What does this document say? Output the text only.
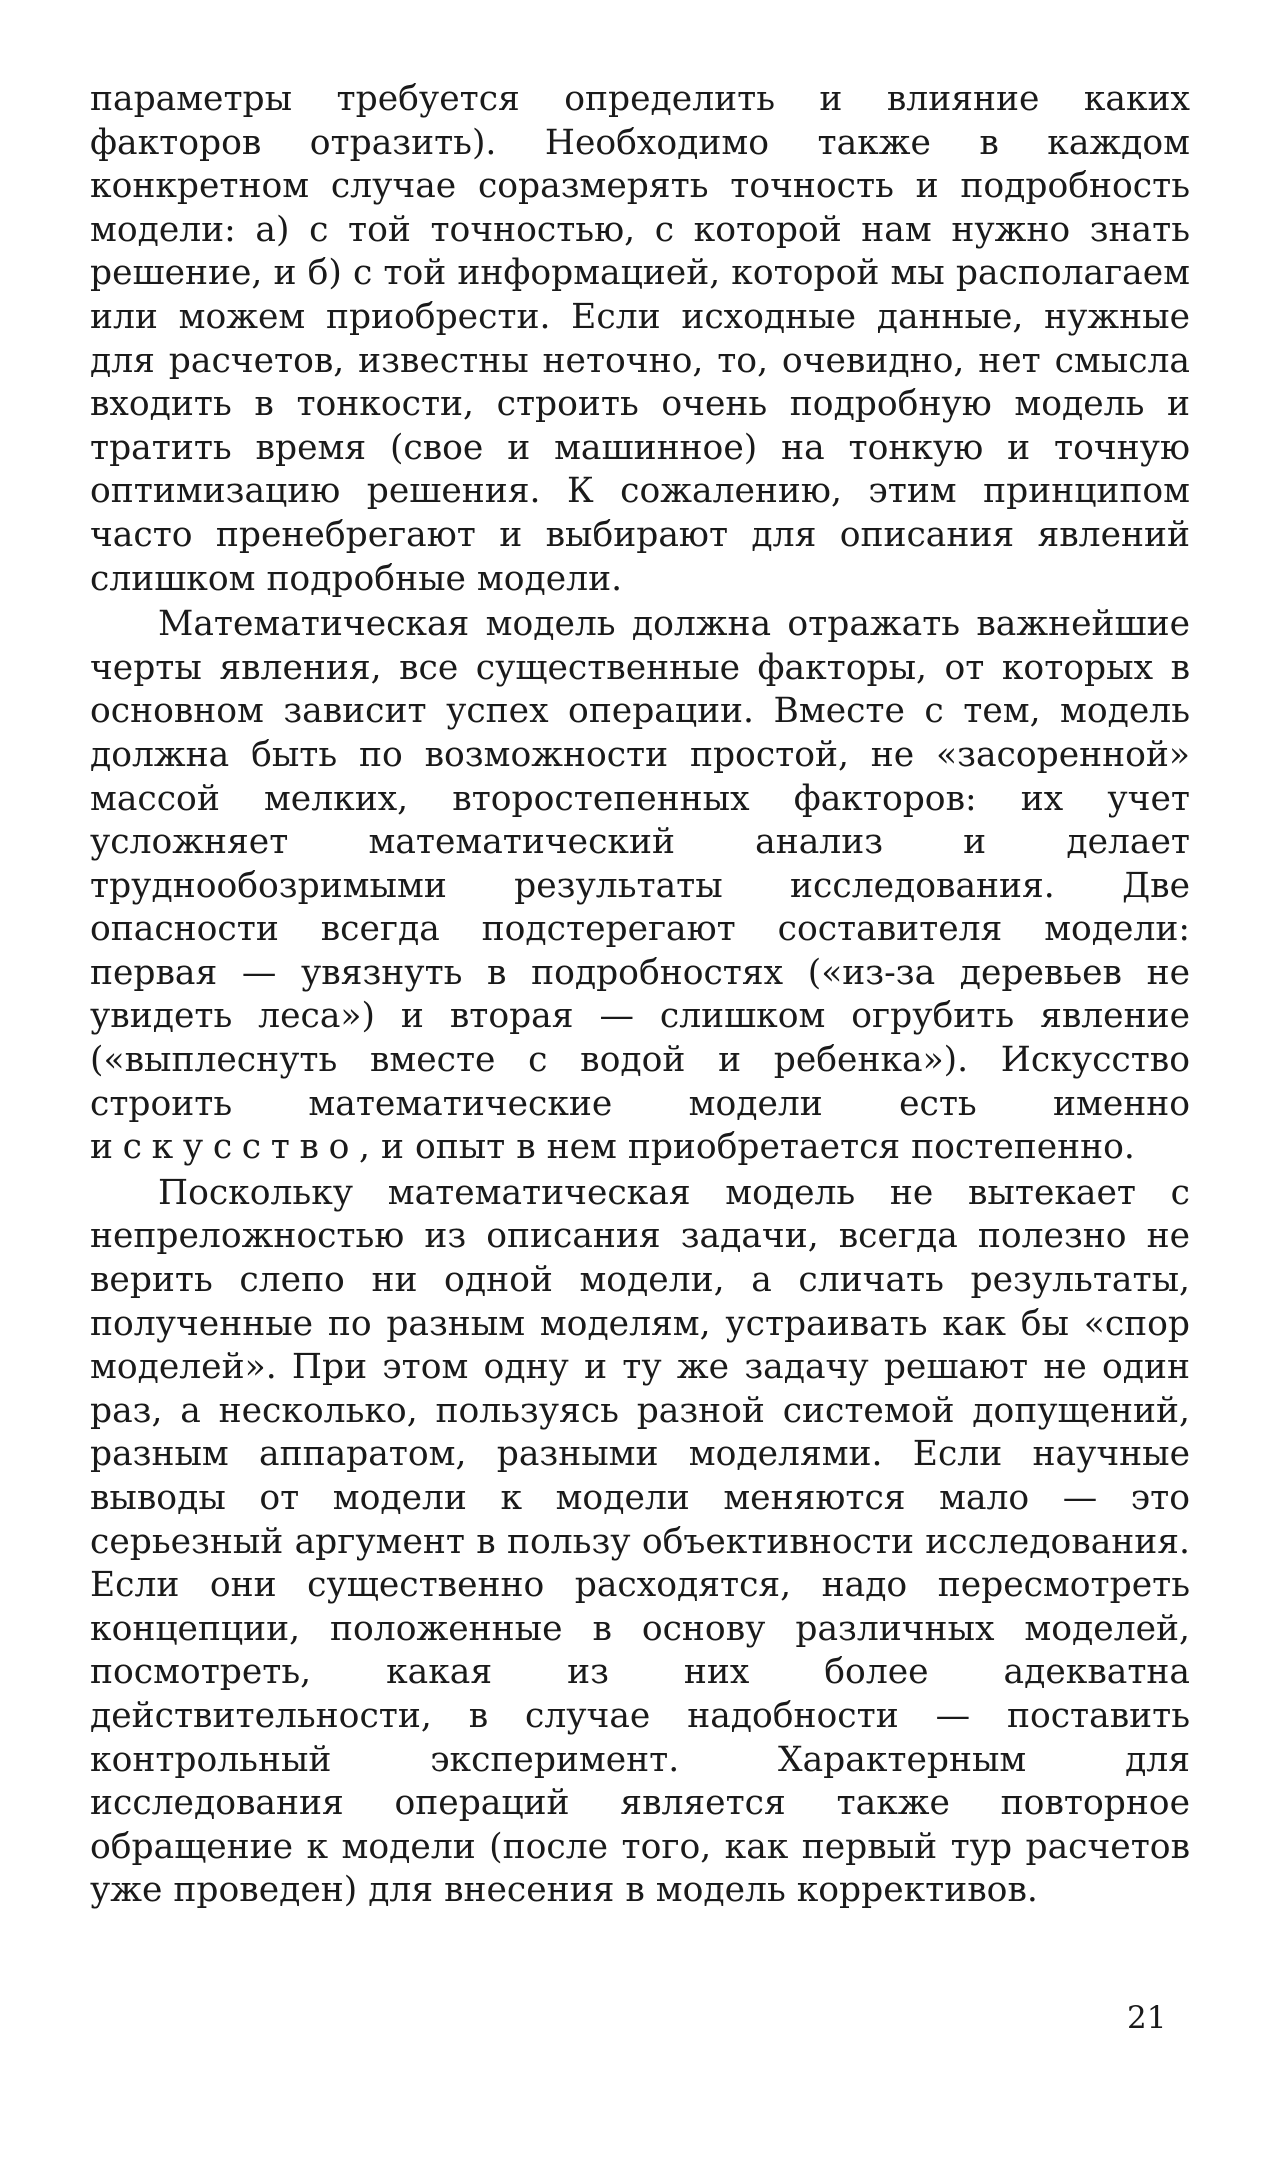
параметры требуется определить и влияние каких факторов отразить). Необходимо также в каждом конкретном случае соразмерять точность и подробность модели: а) с той точностью, с которой нам нужно знать решение, и б) с той информацией, которой мы располагаем или можем приобрести. Если исходные данные, нужные для расчетов, известны неточно, то, очевидно, нет смысла входить в тонкости, строить очень подробную модель и тратить время (свое и машинное) на тонкую и точную оптимизацию решения. К сожалению, этим принципом часто пренебрегают и выбирают для описания явлений слишком подробные модели.

Математическая модель должна отражать важнейшие черты явления, все существенные факторы, от которых в основном зависит успех операции. Вместе с тем, модель должна быть по возможности простой, не «засоренной» массой мелких, второстепенных факторов: их учет усложняет математический анализ и делает труднообозримыми результаты исследования. Две опасности всегда подстерегают составителя модели: первая — увязнуть в подробностях («из-за деревьев не увидеть леса») и вторая — слишком огрубить явление («выплеснуть вместе с водой и ребенка»). Искусство строить математические модели есть именно искусство, и опыт в нем приобретается постепенно.

Поскольку математическая модель не вытекает с непреложностью из описания задачи, всегда полезно не верить слепо ни одной модели, а сличать результаты, полученные по разным моделям, устраивать как бы «спор моделей». При этом одну и ту же задачу решают не один раз, а несколько, пользуясь разной системой допущений, разным аппаратом, разными моделями. Если научные выводы от модели к модели меняются мало — это серьезный аргумент в пользу объективности исследования. Если они существенно расходятся, надо пересмотреть концепции, положенные в основу различных моделей, посмотреть, какая из них более адекватна действительности, в случае надобности — поставить контрольный эксперимент. Характерным для исследования операций является также повторное обращение к модели (после того, как первый тур расчетов уже проведен) для внесения в модель коррективов.

21
